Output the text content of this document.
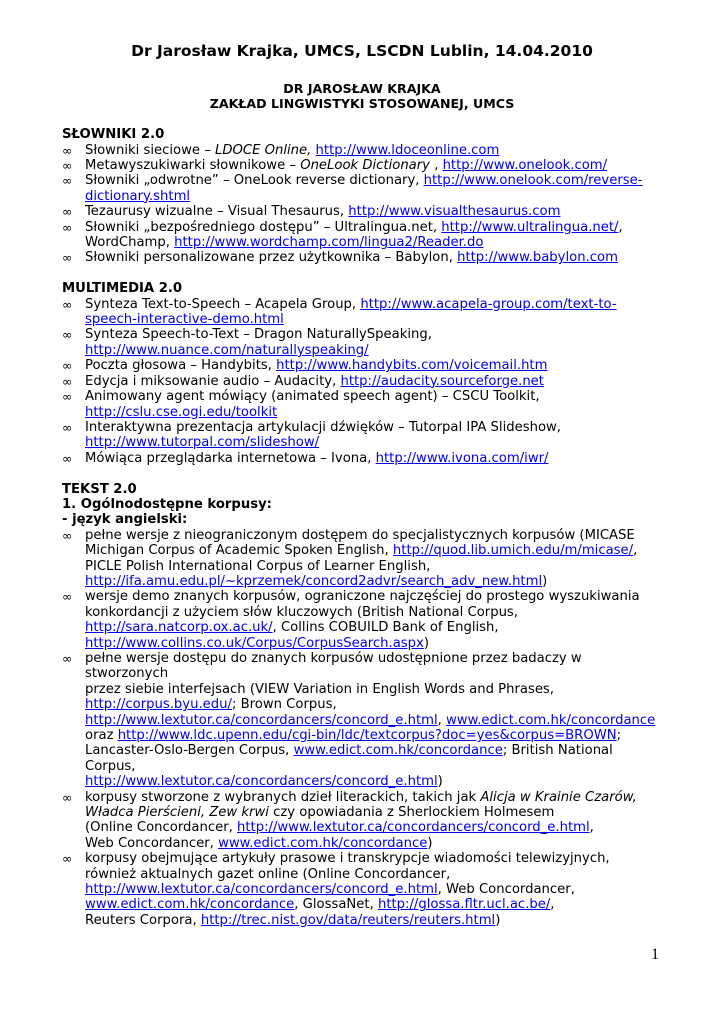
Dr Jarosław Krajka, UMCS, LSCDN Lublin, 14.04.2010
DR JAROSŁAW KRAJKA
ZAKŁAD LINGWISTYKI STOSOWANEJ, UMCS
SŁOWNIKI 2.0
∞ Słowniki sieciowe – LDOCE Online, http://www.ldoceonline.com
∞ Metawyszukiwarki słownikowe – OneLook Dictionary , http://www.onelook.com/
∞ Słowniki „odwrotne” – OneLook reverse dictionary, http://www.onelook.com/reverse-
dictionary.shtml
∞ Tezaurusy wizualne – Visual Thesaurus, http://www.visualthesaurus.com
∞ Słowniki „bezpośredniego dostępu” – Ultralingua.net, http://www.ultralingua.net/,
WordChamp, http://www.wordchamp.com/lingua2/Reader.do
∞ Słowniki personalizowane przez użytkownika – Babylon, http://www.babylon.com
MULTIMEDIA 2.0
∞ Synteza Text-to-Speech – Acapela Group, http://www.acapela-group.com/text-to-
speech-interactive-demo.html
∞ Synteza Speech-to-Text – Dragon NaturallySpeaking,
http://www.nuance.com/naturallyspeaking/
∞ Poczta głosowa – Handybits, http://www.handybits.com/voicemail.htm
∞ Edycja i miksowanie audio – Audacity, http://audacity.sourceforge.net
∞ Animowany agent mówiący (animated speech agent) – CSCU Toolkit,
http://cslu.cse.ogi.edu/toolkit
∞ Interaktywna prezentacja artykulacji dźwięków – Tutorpal IPA Slideshow,
http://www.tutorpal.com/slideshow/
∞ Mówiąca przeglądarka internetowa – Ivona, http://www.ivona.com/iwr/
TEKST 2.0
1. Ogólnodostępne korpusy:
- język angielski:
∞ pełne wersje z nieograniczonym dostępem do specjalistycznych korpusów (MICASE
Michigan Corpus of Academic Spoken English, http://quod.lib.umich.edu/m/micase/,
PICLE Polish International Corpus of Learner English,
http://ifa.amu.edu.pl/~kprzemek/concord2advr/search_adv_new.html)
∞ wersje demo znanych korpusów, ograniczone najczęściej do prostego wyszukiwania
konkordancji z użyciem słów kluczowych (British National Corpus,
http://sara.natcorp.ox.ac.uk/, Collins COBUILD Bank of English,
http://www.collins.co.uk/Corpus/CorpusSearch.aspx)
∞ pełne wersje dostępu do znanych korpusów udostępnione przez badaczy w stworzonych
przez siebie interfejsach (VIEW Variation in English Words and Phrases,
http://corpus.byu.edu/; Brown Corpus,
http://www.lextutor.ca/concordancers/concord_e.html, www.edict.com.hk/concordance
oraz http://www.ldc.upenn.edu/cgi-bin/ldc/textcorpus?doc=yes&corpus=BROWN;
Lancaster-Oslo-Bergen Corpus, www.edict.com.hk/concordance; British National Corpus,
http://www.lextutor.ca/concordancers/concord_e.html)
∞ korpusy stworzone z wybranych dzieł literackich, takich jak Alicja w Krainie Czarów,
Władca Pierścieni, Zew krwi czy opowiadania z Sherlockiem Holmesem
(Online Concordancer, http://www.lextutor.ca/concordancers/concord_e.html,
Web Concordancer, www.edict.com.hk/concordance)
∞ korpusy obejmujące artykuły prasowe i transkrypcje wiadomości telewizyjnych,
również aktualnych gazet online (Online Concordancer,
http://www.lextutor.ca/concordancers/concord_e.html, Web Concordancer,
www.edict.com.hk/concordance, GlossaNet, http://glossa.fltr.ucl.ac.be/,
Reuters Corpora, http://trec.nist.gov/data/reuters/reuters.html)
1
